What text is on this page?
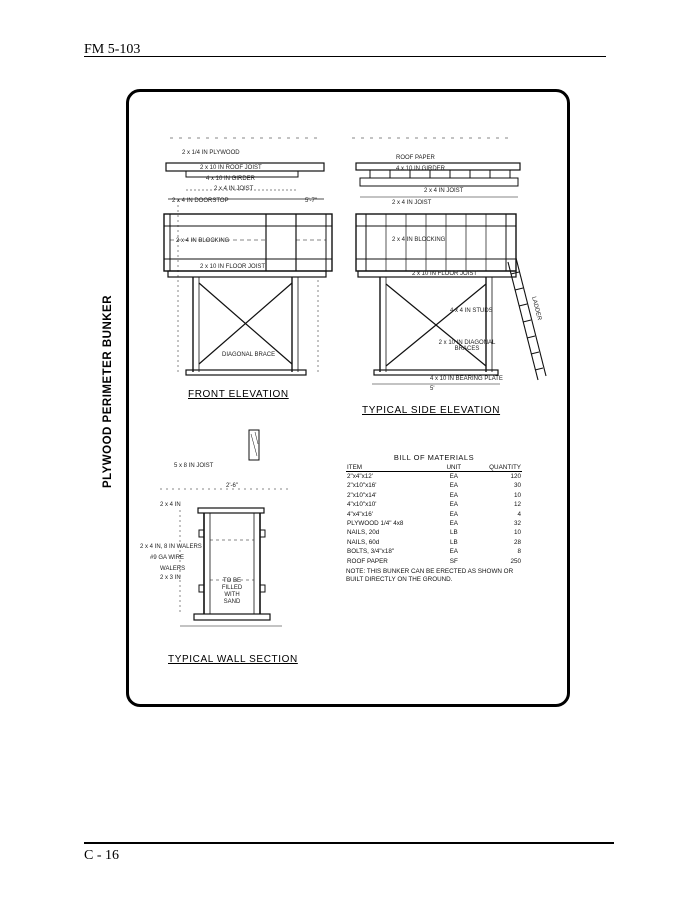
FM 5-103
PLYWOOD PERIMETER BUNKER
2 x 1/4 IN PLYWOOD
2 x 10 IN ROOF JOIST
4 x 10 IN GIRDER
2 x 4 IN JOIST
2 x 4 IN DOORSTOP	5'-7"
2 x 4 IN BLOCKING
2 x 10 IN FLOOR JOIST
DIAGONAL BRACE
FRONT ELEVATION
ROOF PAPER
4 x 10 IN GIRDER
2 x 4 IN JOIST
2 x 4 IN JOIST
2 x 4 IN BLOCKING
2 x 10 IN FLOOR JOIST
4 x 4 IN STUDS
2 x 10 IN DIAGONAL BRACES
4 x 10 IN BEARING PLATE
LADDER
5'
TYPICAL SIDE ELEVATION
5 x 8 IN JOIST
2'-6"
2 x 4 IN
2 x 4 IN, 8 IN WALERS
#9 GA WIRE
WALERS
2 x 3 IN	TO BE FILLED WITH SAND
TYPICAL WALL SECTION
BILL OF MATERIALS
ITEM	UNIT	QUANTITY
2"x4"x12'	EA	120
2"x10"x16'	EA	30
2"x10"x14'	EA	10
4"x10"x10'	EA	12
4"x4"x16'	EA	4
PLYWOOD 1/4" 4x8	EA	32
NAILS, 20d	LB	10
NAILS, 60d	LB	28
BOLTS, 3/4"x18"	EA	8
ROOF PAPER	SF	250
NOTE: THIS BUNKER CAN BE ERECTED AS SHOWN OR BUILT DIRECTLY ON THE GROUND.
C - 16
